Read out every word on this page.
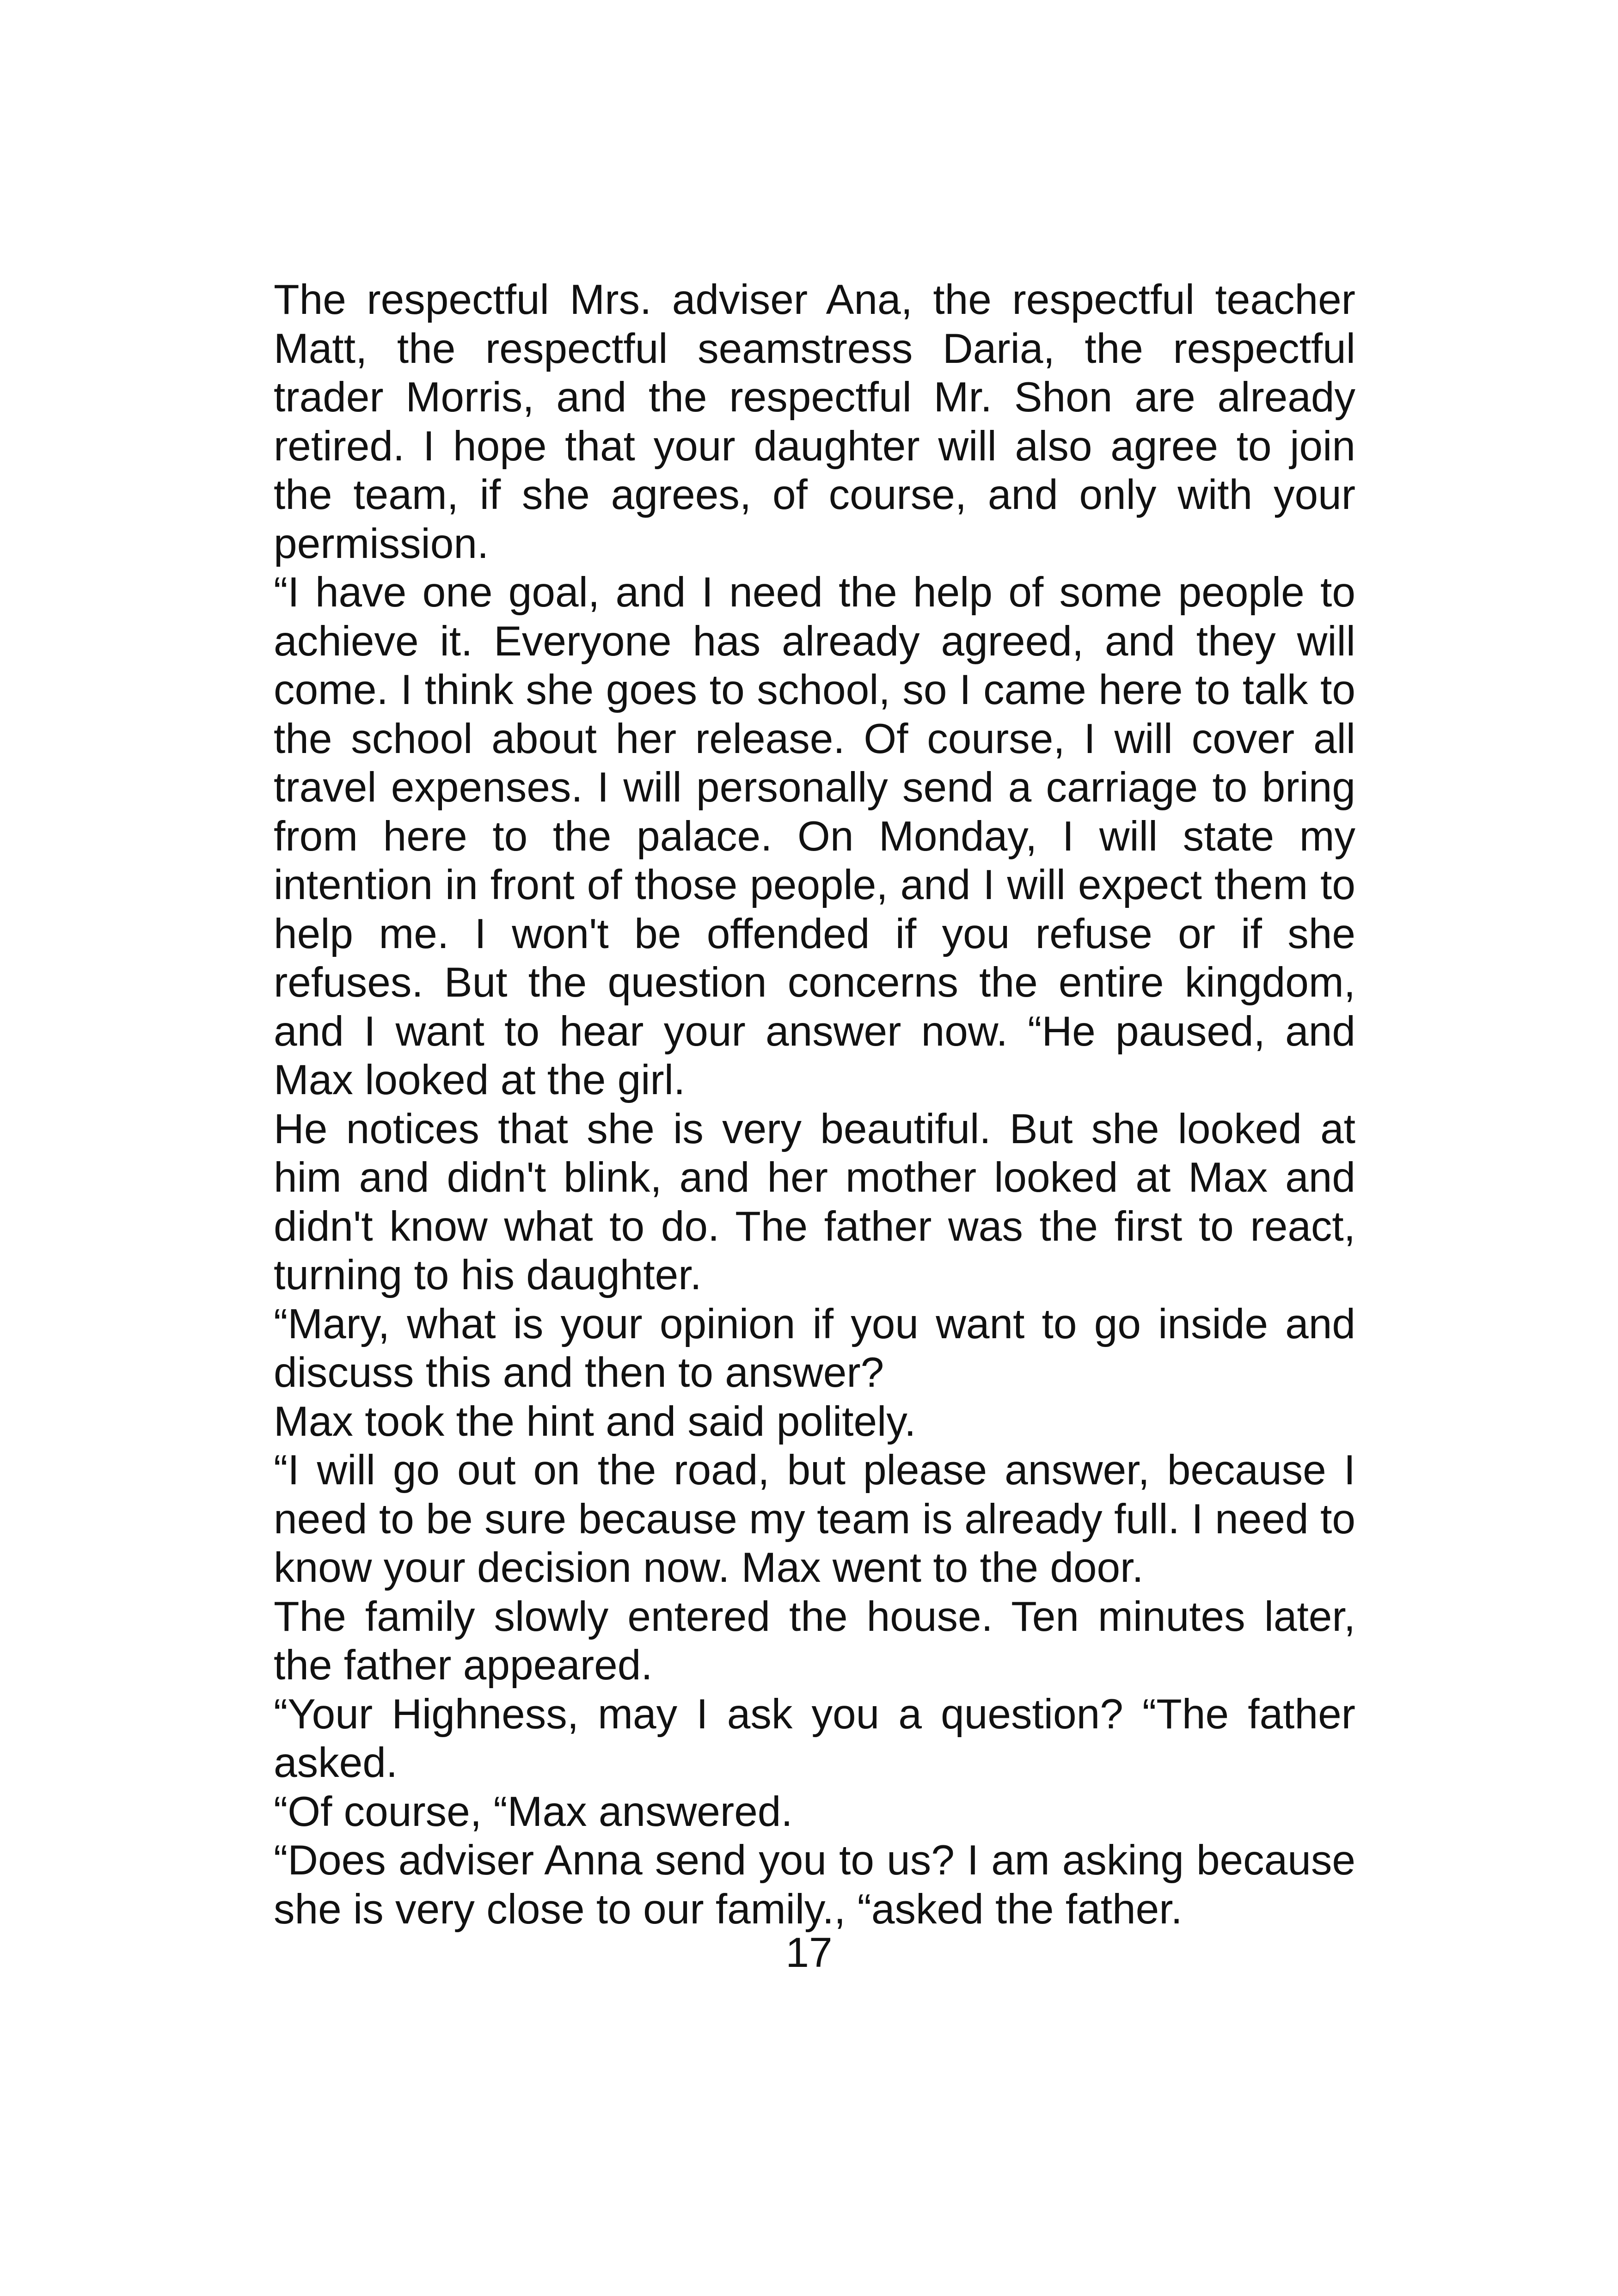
The respectful Mrs. adviser Ana, the respectful teacher Matt, the respectful seamstress Daria, the respectful trader Morris, and the respectful Mr. Shon are already retired. I hope that your daughter will also agree to join the team, if she agrees, of course, and only with your permission.

“I have one goal, and I need the help of some people to achieve it. Everyone has already agreed, and they will come. I think she goes to school, so I came here to talk to the school about her release. Of course, I will cover all travel expenses. I will personally send a carriage to bring from here to the palace. On Monday, I will state my intention in front of those people, and I will expect them to help me. I won't be offended if you refuse or if she refuses. But the question concerns the entire kingdom, and I want to hear your answer now. “He paused, and Max looked at the girl.

He notices that she is very beautiful. But she looked at him and didn't blink, and her mother looked at Max and didn't know what to do. The father was the first to react, turning to his daughter.

“Mary, what is your opinion if you want to go inside and discuss this and then to answer?

Max took the hint and said politely.

“I will go out on the road, but please answer, because I need to be sure because my team is already full. I need to know your decision now. Max went to the door.

The family slowly entered the house. Ten minutes later, the father appeared.

“Your Highness, may I ask you a question? “The father asked.

“Of course, “Max answered.

“Does adviser Anna send you to us? I am asking because she is very close to our family., “asked the father.

17
